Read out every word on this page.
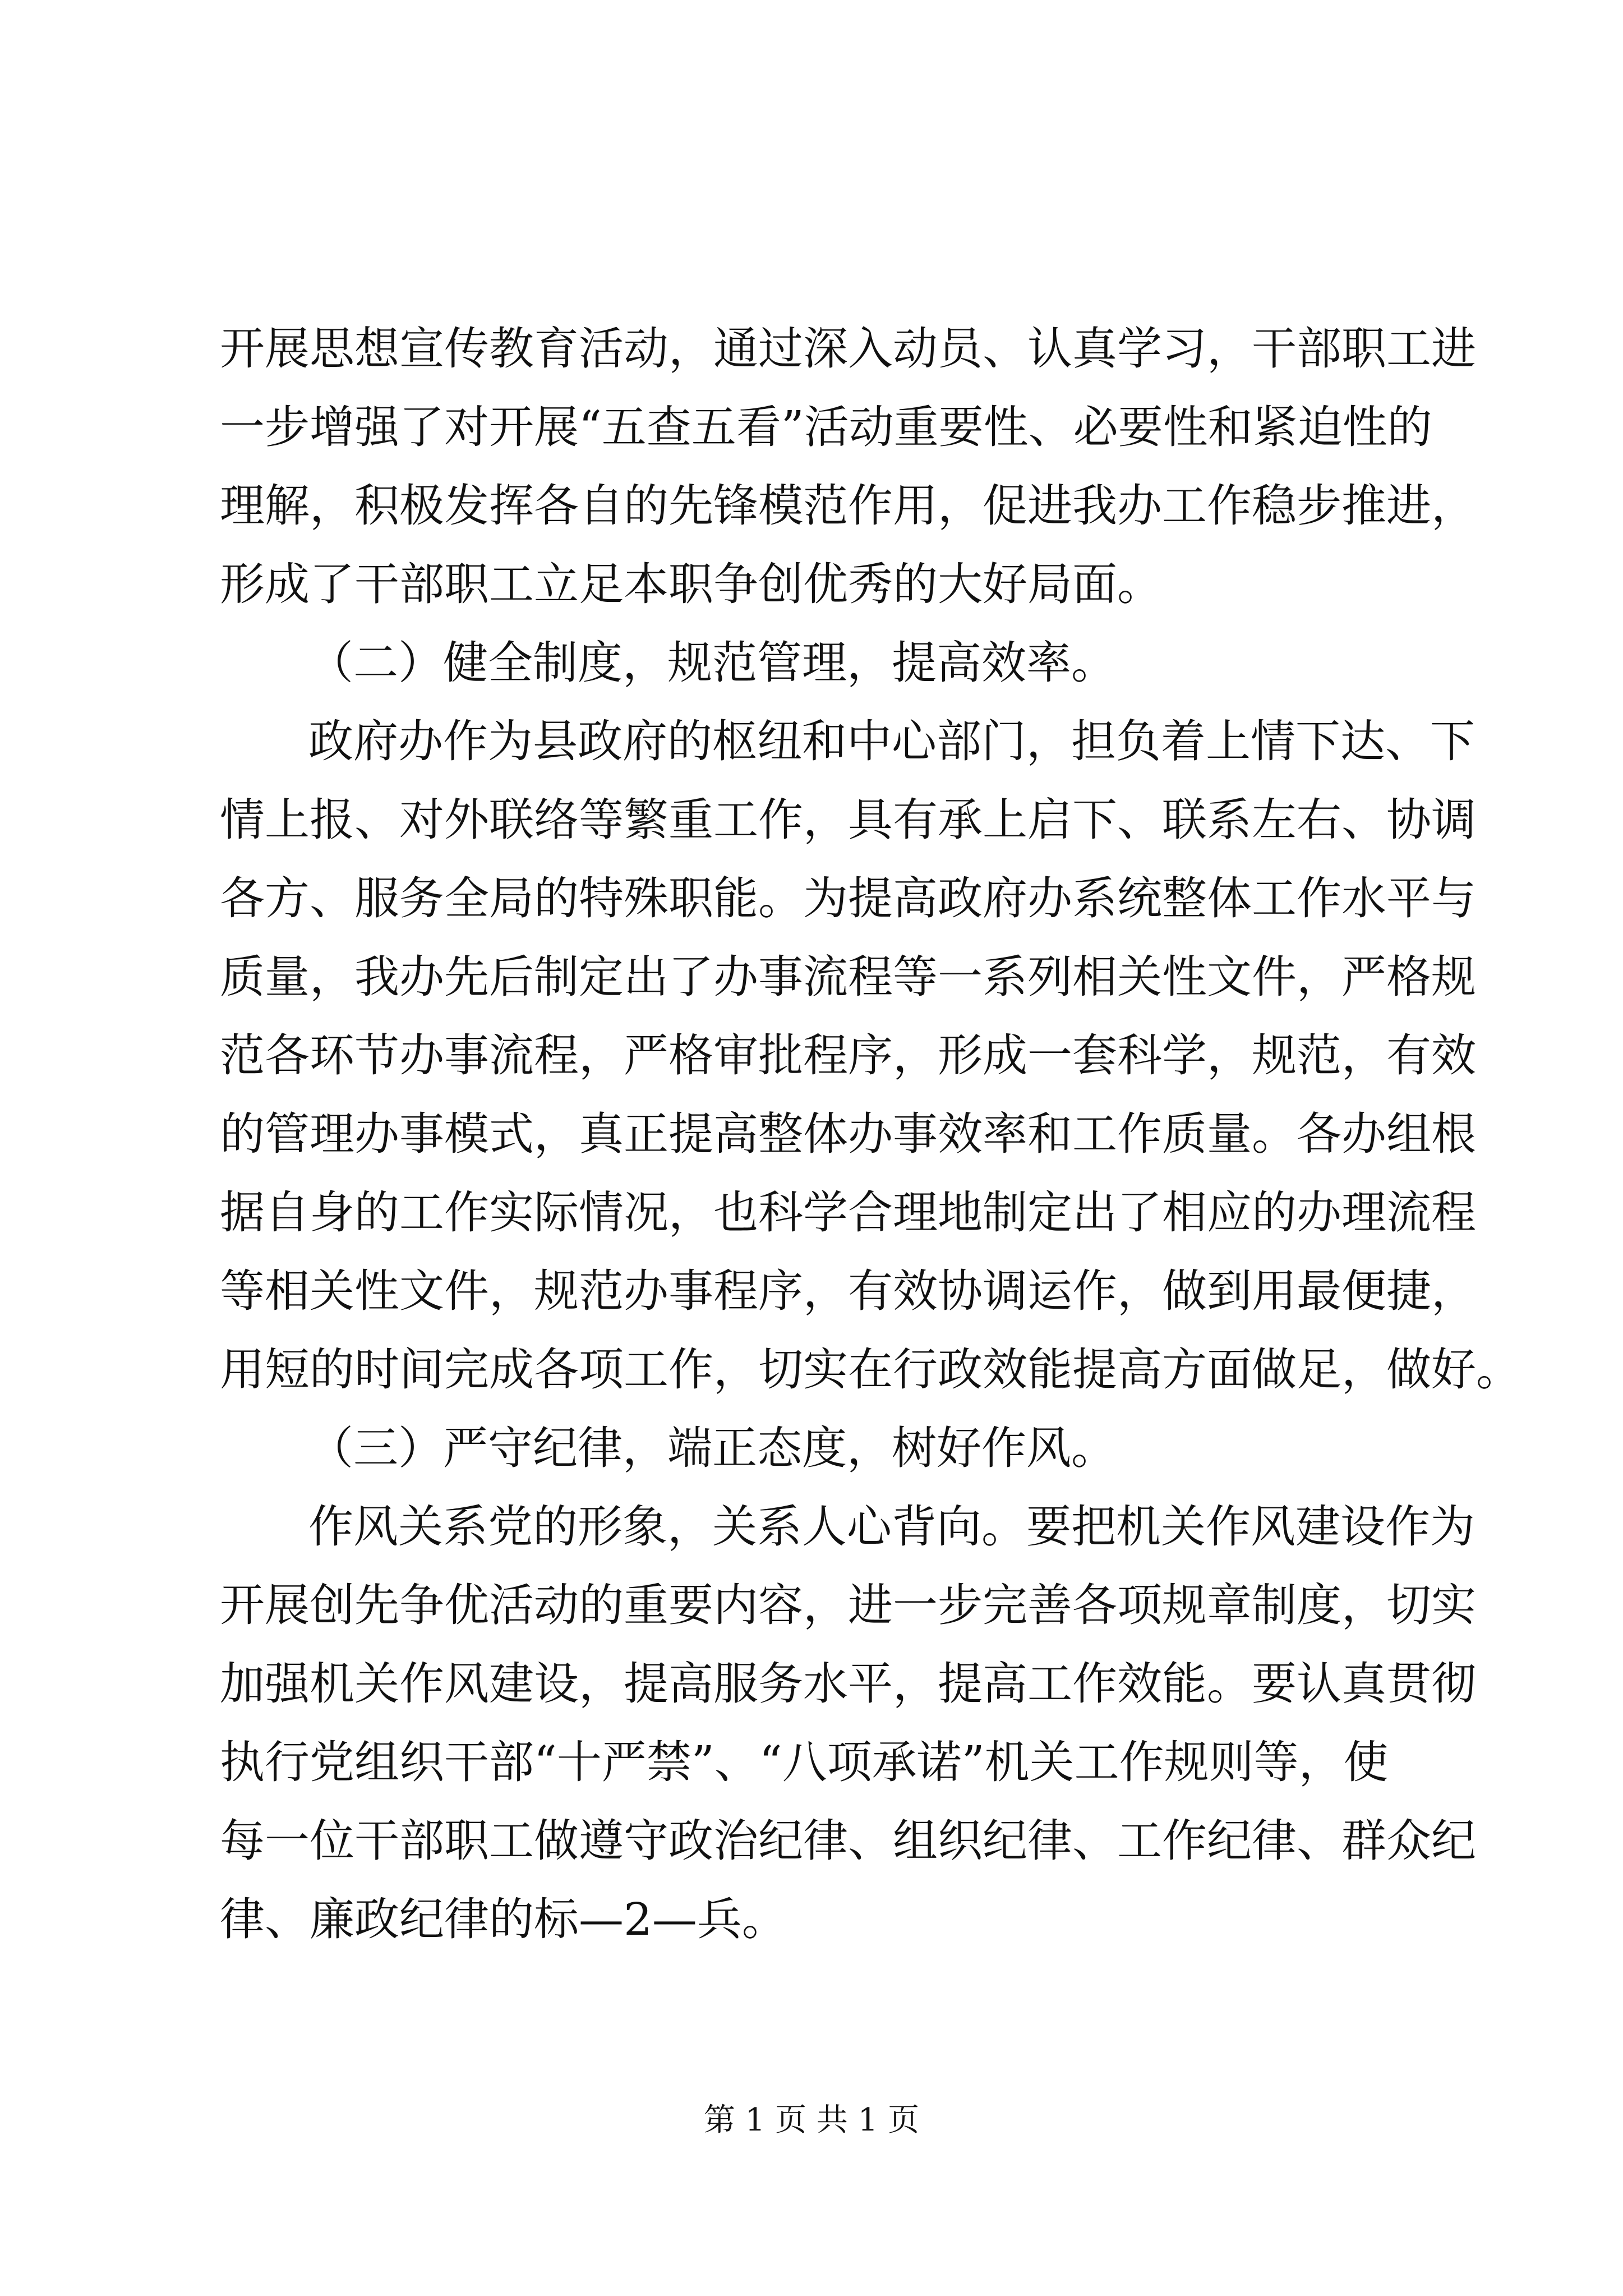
开展思想宣传教育活动，通过深入动员、认真学习，干部职工进
一步增强了对开展“五查五看”活动重要性、必要性和紧迫性的
理解，积极发挥各自的先锋模范作用，促进我办工作稳步推进，
形成了干部职工立足本职争创优秀的大好局面。
（二）健全制度，规范管理，提高效率。
政府办作为县政府的枢纽和中心部门，担负着上情下达、下
情上报、对外联络等繁重工作，具有承上启下、联系左右、协调
各方、服务全局的特殊职能。为提高政府办系统整体工作水平与
质量，我办先后制定出了办事流程等一系列相关性文件，严格规
范各环节办事流程，严格审批程序，形成一套科学，规范，有效
的管理办事模式，真正提高整体办事效率和工作质量。各办组根
据自身的工作实际情况，也科学合理地制定出了相应的办理流程
等相关性文件，规范办事程序，有效协调运作，做到用最便捷，
用短的时间完成各项工作，切实在行政效能提高方面做足，做好。
（三）严守纪律，端正态度，树好作风。
作风关系党的形象，关系人心背向。要把机关作风建设作为
开展创先争优活动的重要内容，进一步完善各项规章制度，切实
加强机关作风建设，提高服务水平，提高工作效能。要认真贯彻
执行党组织干部“十严禁”、“八项承诺”机关工作规则等，使
每一位干部职工做遵守政治纪律、组织纪律、工作纪律、群众纪
律、廉政纪律的标—2—兵。
第 1 页 共 1 页
